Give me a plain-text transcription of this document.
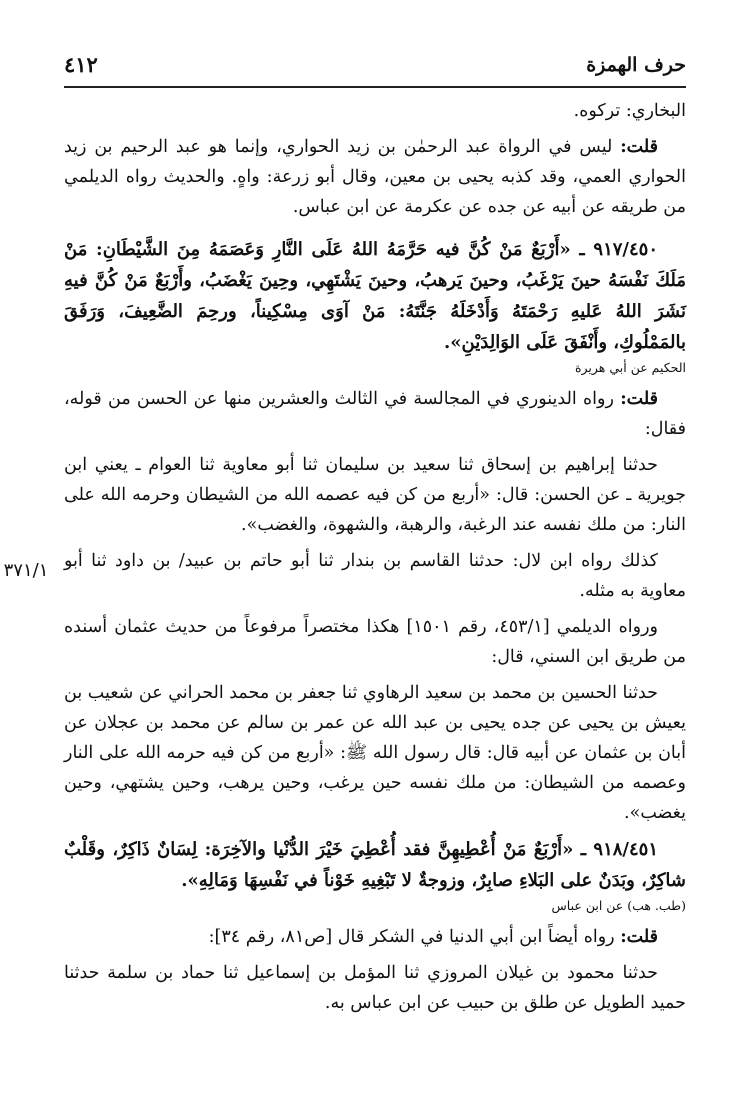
حرف الهمزة
٤١٢
٣٧١/١

البخاري: تركوه.

قلت: ليس في الرواة عبد الرحمٰن بن زيد الحواري، وإنما هو عبد الرحيم بن زيد الحواري العمي، وقد كذبه يحيى بن معين، وقال أبو زرعة: واهٍ. والحديث رواه الديلمي من طريقه عن أبيه عن جده عن عكرمة عن ابن عباس.

٩١٧/٤٥٠ ـ «أَرْبَعٌ مَنْ كُنَّ فيه حَرَّمَهُ اللهُ عَلَى النَّارِ وَعَصَمَهُ مِنَ الشَّيْطَانِ: مَنْ مَلَكَ نَفْسَهُ حينَ يَرْغَبُ، وحينَ يَرهبُ، وحينَ يَشْتَهِي، وحِينَ يَغْضَبُ، وأَرْبَعٌ مَنْ كُنَّ فيهِ نَشَرَ اللهُ عَليهِ رَحْمَتَهُ وَأَدْخَلَهُ جَنَّتَهُ: مَنْ آوَى مِسْكِيناً، ورحِمَ الضَّعِيفَ، وَرَفَقَ بالمَمْلُوكِ، وأَنْفَقَ عَلَى الوَالِدَيْنِ».

الحكيم عن أبي هريرة

قلت: رواه الدينوري في المجالسة في الثالث والعشرين منها عن الحسن من قوله، فقال:

حدثنا إبراهيم بن إسحاق ثنا سعيد بن سليمان ثنا أبو معاوية ثنا العوام ـ يعني ابن جويرية ـ عن الحسن: قال: «أربع من كن فيه عصمه الله من الشيطان وحرمه الله على النار: من ملك نفسه عند الرغبة، والرهبة، والشهوة، والغضب».

كذلك رواه ابن لال: حدثنا القاسم بن بندار ثنا أبو حاتم بن عبيد/ بن داود ثنا أبو معاوية به مثله.

ورواه الديلمي [٤٥٣/١، رقم ١٥٠١] هكذا مختصراً مرفوعاً من حديث عثمان أسنده من طريق ابن السني، قال:

حدثنا الحسين بن محمد بن سعيد الرهاوي ثنا جعفر بن محمد الحراني عن شعيب بن يعيش بن يحيى عن جده يحيى بن عبد الله عن عمر بن سالم عن محمد بن عجلان عن أبان بن عثمان عن أبيه قال: قال رسول الله ﷺ: «أربع من كن فيه حرمه الله على النار وعصمه من الشيطان: من ملك نفسه حين يرغب، وحين يرهب، وحين يشتهي، وحين يغضب».

٩١٨/٤٥١ ـ «أَرْبَعٌ مَنْ أُعْطِيهِنَّ فقد أُعْطِيَ خَيْرَ الدُّنْيا والآخِرَة: لِسَانٌ ذَاكِرٌ، وقَلْبٌ شاكِرٌ، وبَدَنٌ على البَلاءِ صابِرٌ، وزوجةٌ لا تَبْغِيهِ خَوْناً في نَفْسِهَا وَمَالِهِ».

(طب. هب) عن ابن عباس

قلت: رواه أيضاً ابن أبي الدنيا في الشكر قال [ص٨١، رقم ٣٤]:

حدثنا محمود بن غيلان المروزي ثنا المؤمل بن إسماعيل ثنا حماد بن سلمة حدثنا حميد الطويل عن طلق بن حبيب عن ابن عباس به.
